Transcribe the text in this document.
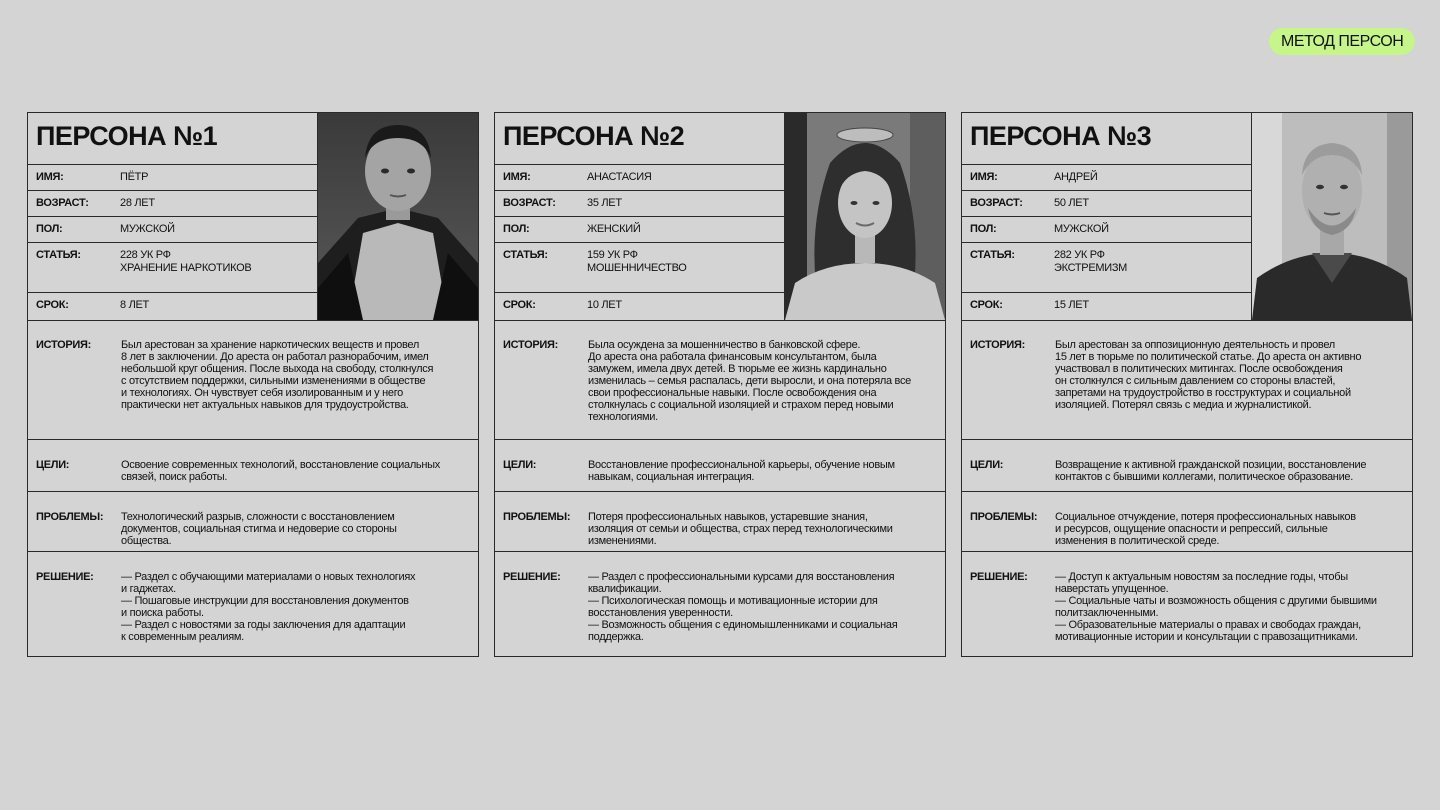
МЕТОД ПЕРСОН
ПЕРСОНА №1
ИМЯ:	ПЁТР
ВОЗРАСТ:	28 ЛЕТ
ПОЛ:	МУЖСКОЙ
СТАТЬЯ:	228 УК РФ
ХРАНЕНИЕ НАРКОТИКОВ
СРОК:	8 ЛЕТ
ИСТОРИЯ:	Был арестован за хранение наркотических веществ и провел
8 лет в заключении. До ареста он работал разнорабочим, имел
небольшой круг общения. После выхода на свободу, столкнулся
с отсутствием поддержки, сильными изменениями в обществе
и технологиях. Он чувствует себя изолированным и у него
практически нет актуальных навыков для трудоустройства.
ЦЕЛИ:	Освоение современных технологий, восстановление социальных
связей, поиск работы.
ПРОБЛЕМЫ: Технологический разрыв, сложности с восстановлением
документов, социальная стигма и недоверие со стороны
общества.
РЕШЕНИЕ: — Раздел с обучающими материалами о новых технологиях
и гаджетах.
— Пошаговые инструкции для восстановления документов
и поиска работы.
— Раздел с новостями за годы заключения для адаптации
к современным реалиям.
ПЕРСОНА №2
ИМЯ:	АНАСТАСИЯ
ВОЗРАСТ:	35 ЛЕТ
ПОЛ:	ЖЕНСКИЙ
СТАТЬЯ:	159 УК РФ
МОШЕННИЧЕСТВО
СРОК:	10 ЛЕТ
ИСТОРИЯ:	Была осуждена за мошенничество в банковской сфере.
До ареста она работала финансовым консультантом, была
замужем, имела двух детей. В тюрьме ее жизнь кардинально
изменилась – семья распалась, дети выросли, и она потеряла все
свои профессиональные навыки. После освобождения она
столкнулась с социальной изоляцией и страхом перед новыми
технологиями.
ЦЕЛИ:	Восстановление профессиональной карьеры, обучение новым
навыкам, социальная интеграция.
ПРОБЛЕМЫ: Потеря профессиональных навыков, устаревшие знания,
изоляция от семьи и общества, страх перед технологическими
изменениями.
РЕШЕНИЕ: — Раздел с профессиональными курсами для восстановления
квалификации.
— Психологическая помощь и мотивационные истории для
восстановления уверенности.
— Возможность общения с единомышленниками и социальная
поддержка.
ПЕРСОНА №3
ИМЯ:	АНДРЕЙ
ВОЗРАСТ:	50 ЛЕТ
ПОЛ:	МУЖСКОЙ
СТАТЬЯ:	282 УК РФ
ЭКСТРЕМИЗМ
СРОК:	15 ЛЕТ
ИСТОРИЯ:	Был арестован за оппозиционную деятельность и провел
15 лет в тюрьме по политической статье. До ареста он активно
участвовал в политических митингах. После освобождения
он столкнулся с сильным давлением со стороны властей,
запретами на трудоустройство в госструктурах и социальной
изоляцией. Потерял связь с медиа и журналистикой.
ЦЕЛИ:	Возвращение к активной гражданской позиции, восстановление
контактов с бывшими коллегами, политическое образование.
ПРОБЛЕМЫ: Социальное отчуждение, потеря профессиональных навыков
и ресурсов, ощущение опасности и репрессий, сильные
изменения в политической среде.
РЕШЕНИЕ: — Доступ к актуальным новостям за последние годы, чтобы
наверстать упущенное.
— Социальные чаты и возможность общения с другими бывшими
политзаключенными.
— Образовательные материалы о правах и свободах граждан,
мотивационные истории и консультации с правозащитниками.
